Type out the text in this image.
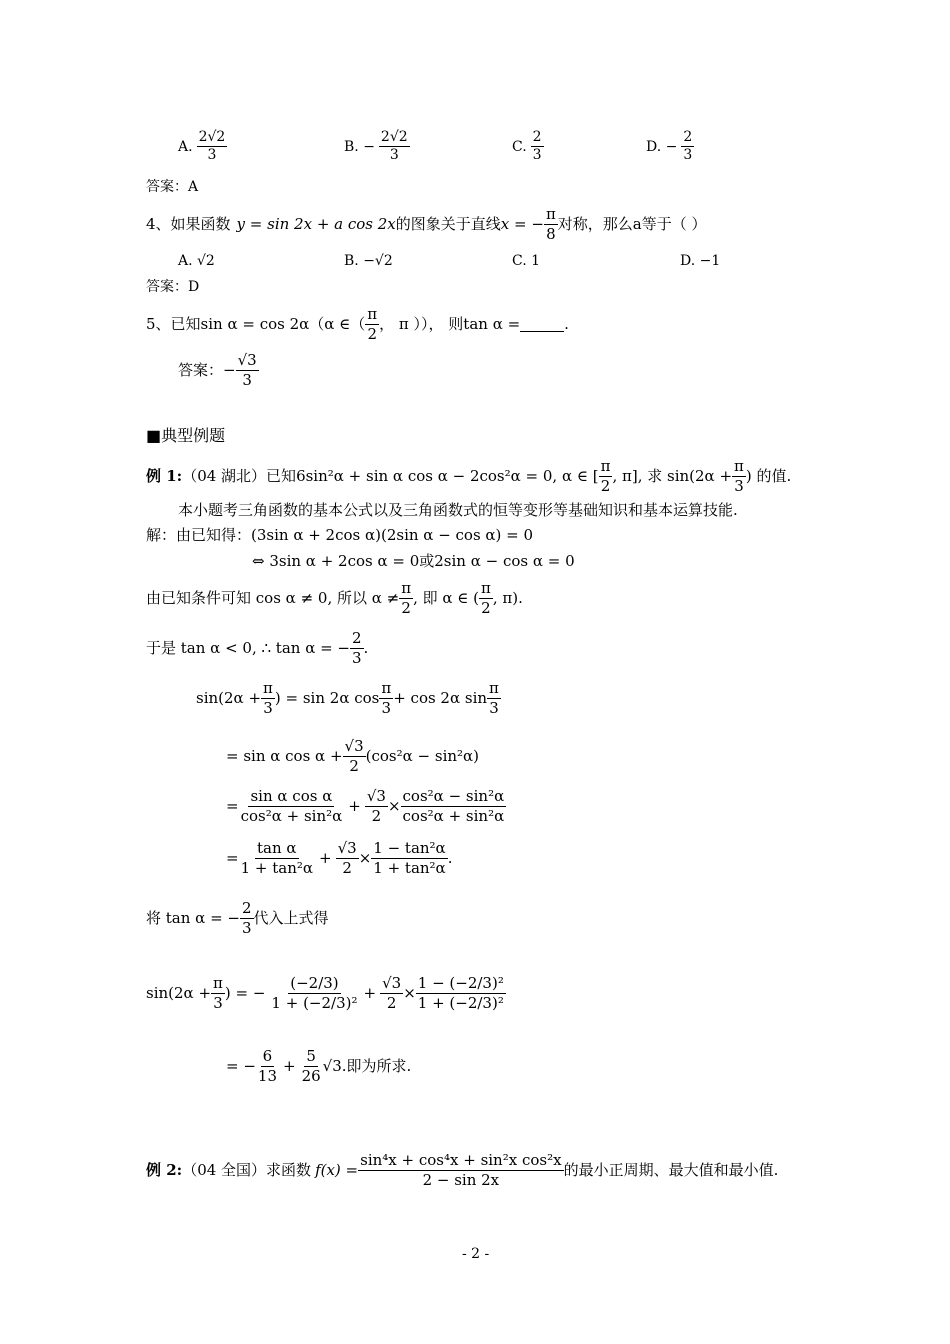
A. $\frac{2√2}{3}$	B. − $\frac{2√2}{3}$	C. $\frac{2}{3}$	D. − $\frac{2}{3}$
答案：A
4、如果函数 y = sin 2x + a cos 2x 的图象关于直线 x = − $\frac{\pi}{8}$ 对称，那么a等于（ ）
A. √2	B. −√2	C. 1	D. −1
答案：D
5、已知sin α = cos 2α（α ∈（ $\frac{\pi}{2}$ ， π ））， 则tan α =	.
答案：− $\frac{√3}{3}$
■典型例题
例 1: （04 湖北）已知 6sin²α + sin α cos α − 2cos²α = 0, α ∈ [ $\frac{\pi}{2}$ , π], 求 $\sin(2\alpha + \frac{\pi}{3}$ ) 的值.
本小题考三角函数的基本公式以及三角函数式的恒等变形等基础知识和基本运算技能.
解：由已知得：(3sin α + 2cos α)(2sin α − cos α) = 0
⇔ 3sin α + 2cos α = 0或2sin α − cos α = 0
由已知条件可知 cos α ≠ 0, 所以 $\alpha \ne \frac{\pi}{2}$ , 即 α ∈ ( $\frac{\pi}{2}$ , π).
于是 tan α < 0, ∴ tan α = − $\frac{2}{3}$ .
$\sin(2\alpha + \frac{\pi}{3}$ ) = sin 2α $\cos \frac{\pi}{3} + \cos 2\alpha$ $\sin \frac{\pi}{3}$
= sin α $\cos \alpha + \frac{√3}{2} (\cos^2\alpha - \sin^2\alpha)$
= $\frac{\text{sin α cos α}}{\text{cos²α + sin²α}} + \frac{√3}{2} \times \frac{\text{cos²α − sin²α}}{\text{cos²α + sin²α}}$
= $\frac{\text{tan α}}{\text{1 + tan²α}} + \frac{√3}{2} \times \frac{\text{1 − tan²α}}{\text{1 + tan²α}}$ .
将 tan α = − $\frac{2}{3}$ 代入上式得
$\sin(2\alpha + \frac{\pi}{3}$ ) = − $\frac{(-2/3)}{\text{1 + (−2/3)²}} + \frac{√3}{2} \times \frac{\text{1 − (−2/3)²}}{\text{1 + (−2/3)²}}$
= − $\frac{6}{13} + \frac{5}{26} √3$.即为所求.
例 2: （04 全国）求函数 $f(x) = \frac{\text{sin⁴x + cos⁴x + sin²x cos²x}}{2 - \sin 2x}$ 的最小正周期、最大值和最小值.
- 2 -
